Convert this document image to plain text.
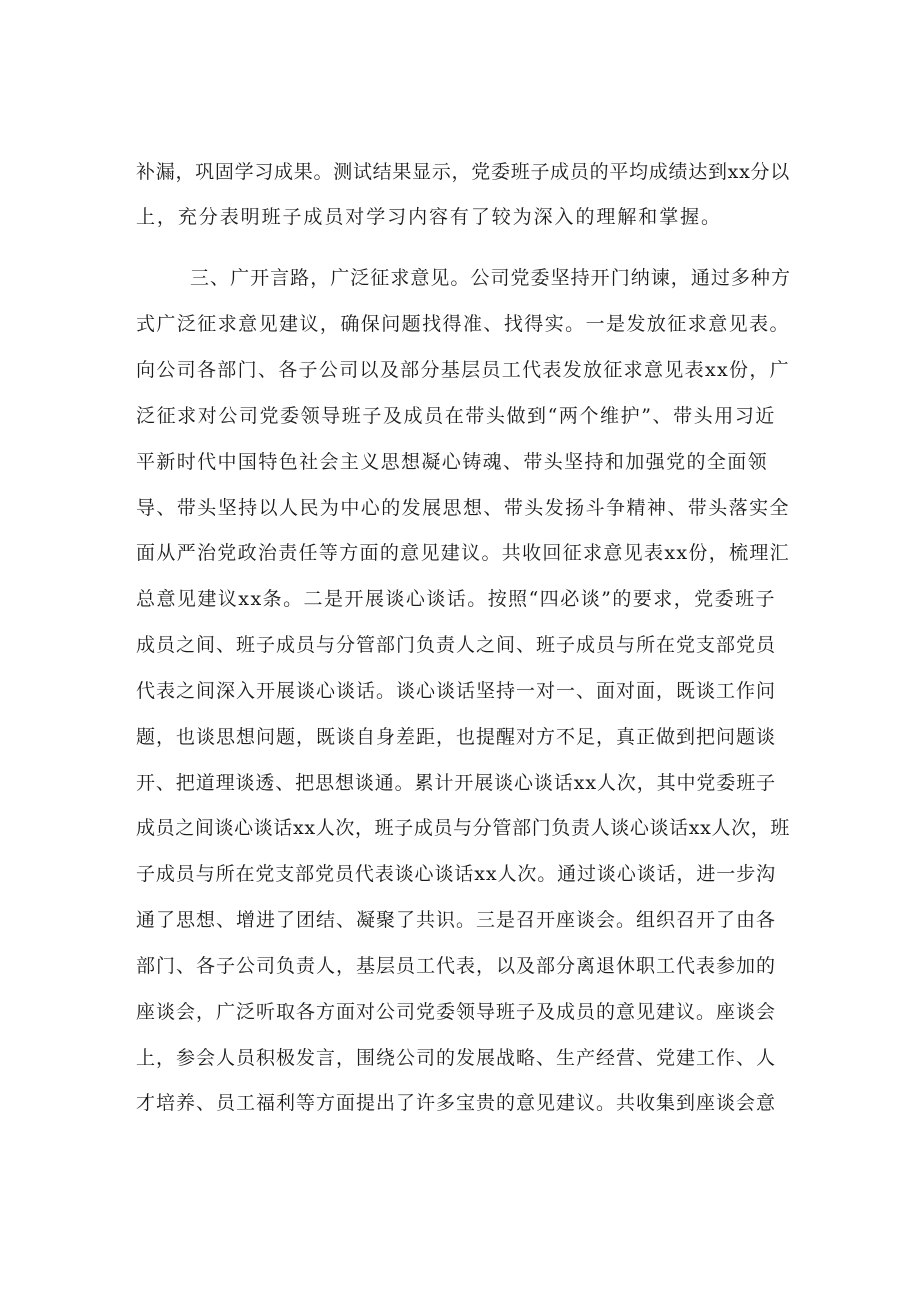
补漏，巩固学习成果。测试结果显示，党委班子成员的平均成绩达到xx分以

上，充分表明班子成员对学习内容有了较为深入的理解和掌握。

三、广开言路，广泛征求意见。公司党委坚持开门纳谏，通过多种方

式广泛征求意见建议，确保问题找得准、找得实。一是发放征求意见表。

向公司各部门、各子公司以及部分基层员工代表发放征求意见表xx份，广

泛征求对公司党委领导班子及成员在带头做到“两个维护”、带头用习近

平新时代中国特色社会主义思想凝心铸魂、带头坚持和加强党的全面领

导、带头坚持以人民为中心的发展思想、带头发扬斗争精神、带头落实全

面从严治党政治责任等方面的意见建议。共收回征求意见表xx份，梳理汇

总意见建议xx条。二是开展谈心谈话。按照“四必谈”的要求，党委班子

成员之间、班子成员与分管部门负责人之间、班子成员与所在党支部党员

代表之间深入开展谈心谈话。谈心谈话坚持一对一、面对面，既谈工作问

题，也谈思想问题，既谈自身差距，也提醒对方不足，真正做到把问题谈

开、把道理谈透、把思想谈通。累计开展谈心谈话xx人次，其中党委班子

成员之间谈心谈话xx人次，班子成员与分管部门负责人谈心谈话xx人次，班

子成员与所在党支部党员代表谈心谈话xx人次。通过谈心谈话，进一步沟

通了思想、增进了团结、凝聚了共识。三是召开座谈会。组织召开了由各

部门、各子公司负责人，基层员工代表，以及部分离退休职工代表参加的

座谈会，广泛听取各方面对公司党委领导班子及成员的意见建议。座谈会

上，参会人员积极发言，围绕公司的发展战略、生产经营、党建工作、人

才培养、员工福利等方面提出了许多宝贵的意见建议。共收集到座谈会意
